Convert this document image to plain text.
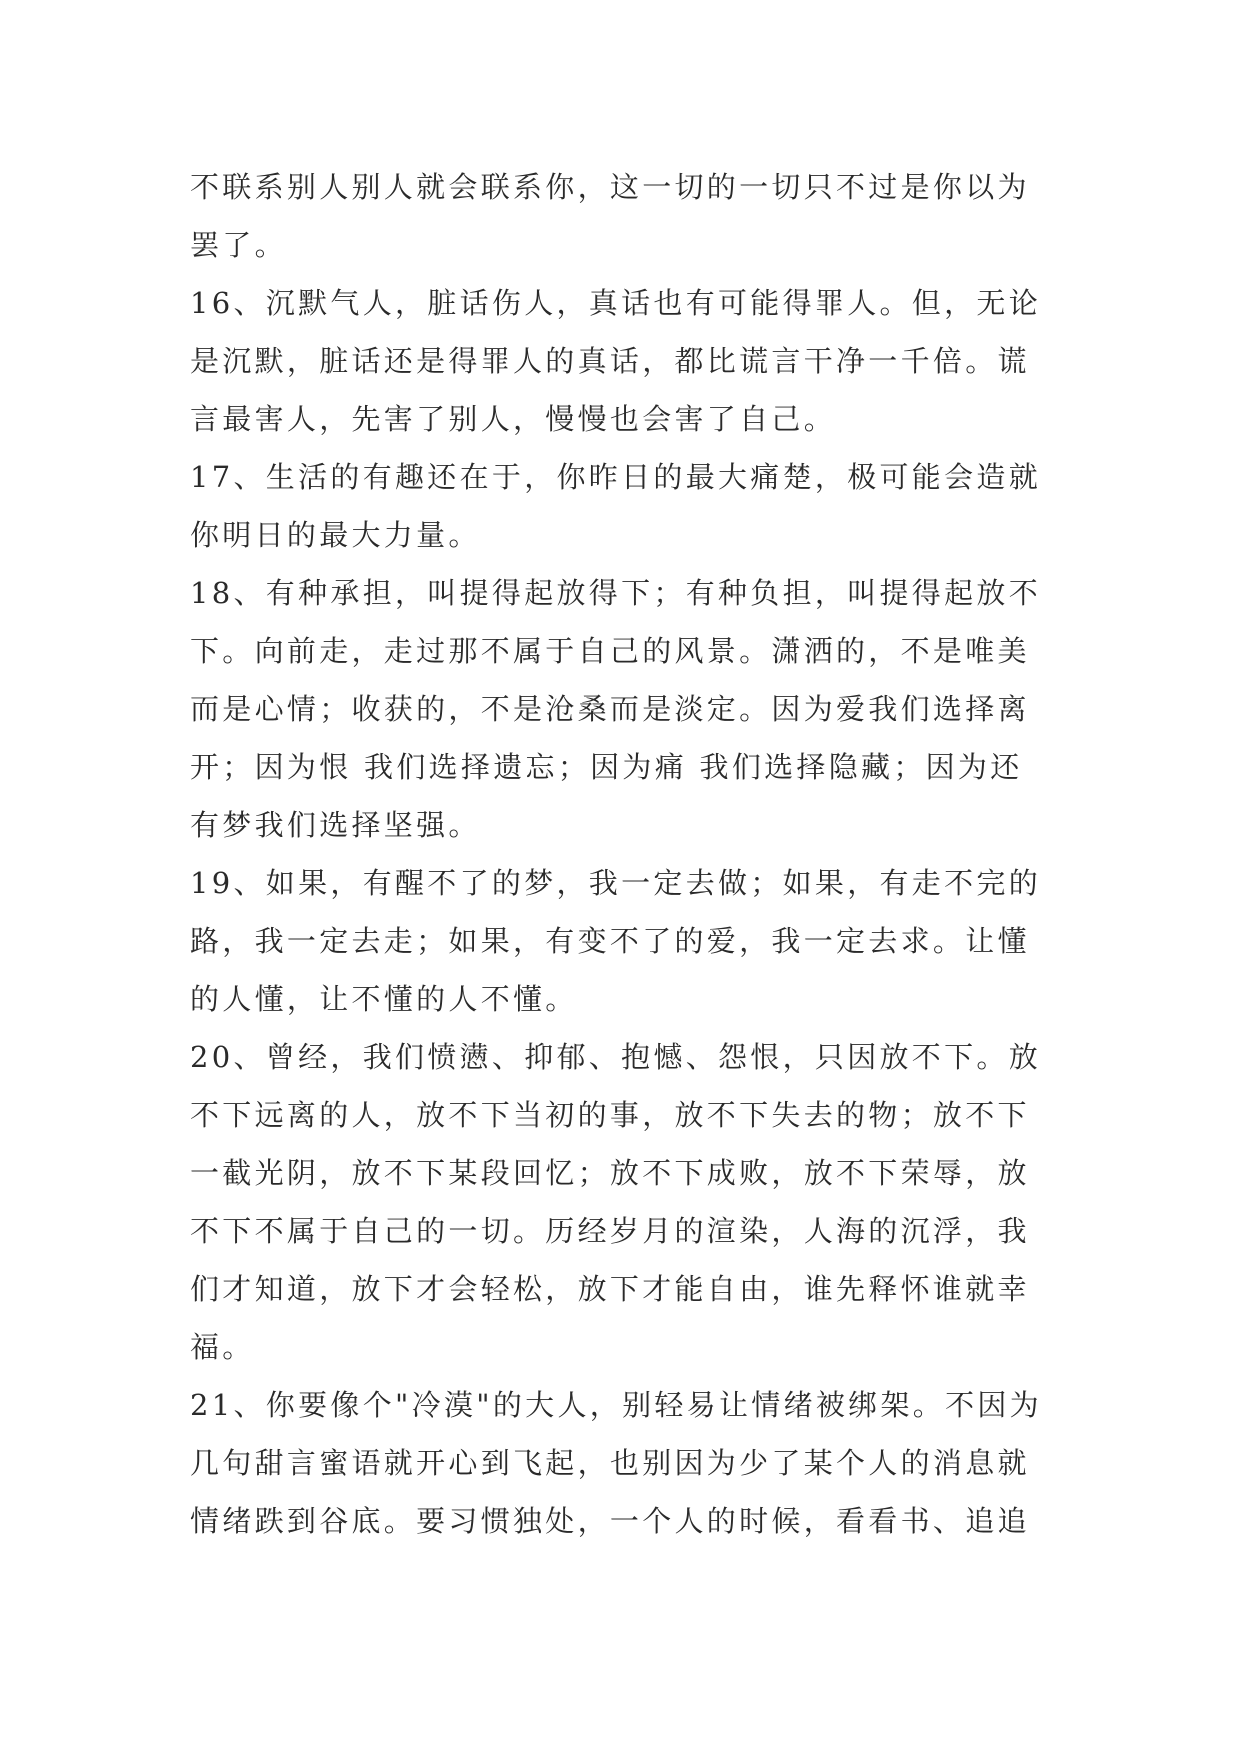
不联系别人别人就会联系你，这一切的一切只不过是你以为
罢了。
16、沉默气人，脏话伤人，真话也有可能得罪人。但，无论
是沉默，脏话还是得罪人的真话，都比谎言干净一千倍。谎
言最害人，先害了别人，慢慢也会害了自己。
17、生活的有趣还在于，你昨日的最大痛楚，极可能会造就
你明日的最大力量。
18、有种承担，叫提得起放得下；有种负担，叫提得起放不
下。向前走，走过那不属于自己的风景。潇洒的，不是唯美
而是心情；收获的，不是沧桑而是淡定。因为爱我们选择离
开；因为恨 我们选择遗忘；因为痛 我们选择隐藏；因为还
有梦我们选择坚强。
19、如果，有醒不了的梦，我一定去做；如果，有走不完的
路，我一定去走；如果，有变不了的爱，我一定去求。让懂
的人懂，让不懂的人不懂。
20、曾经，我们愤懑、抑郁、抱憾、怨恨，只因放不下。放
不下远离的人，放不下当初的事，放不下失去的物；放不下
一截光阴，放不下某段回忆；放不下成败，放不下荣辱，放
不下不属于自己的一切。历经岁月的渲染，人海的沉浮，我
们才知道，放下才会轻松，放下才能自由，谁先释怀谁就幸
福。
21、你要像个"冷漠"的大人，别轻易让情绪被绑架。不因为
几句甜言蜜语就开心到飞起，也别因为少了某个人的消息就
情绪跌到谷底。要习惯独处，一个人的时候，看看书、追追
